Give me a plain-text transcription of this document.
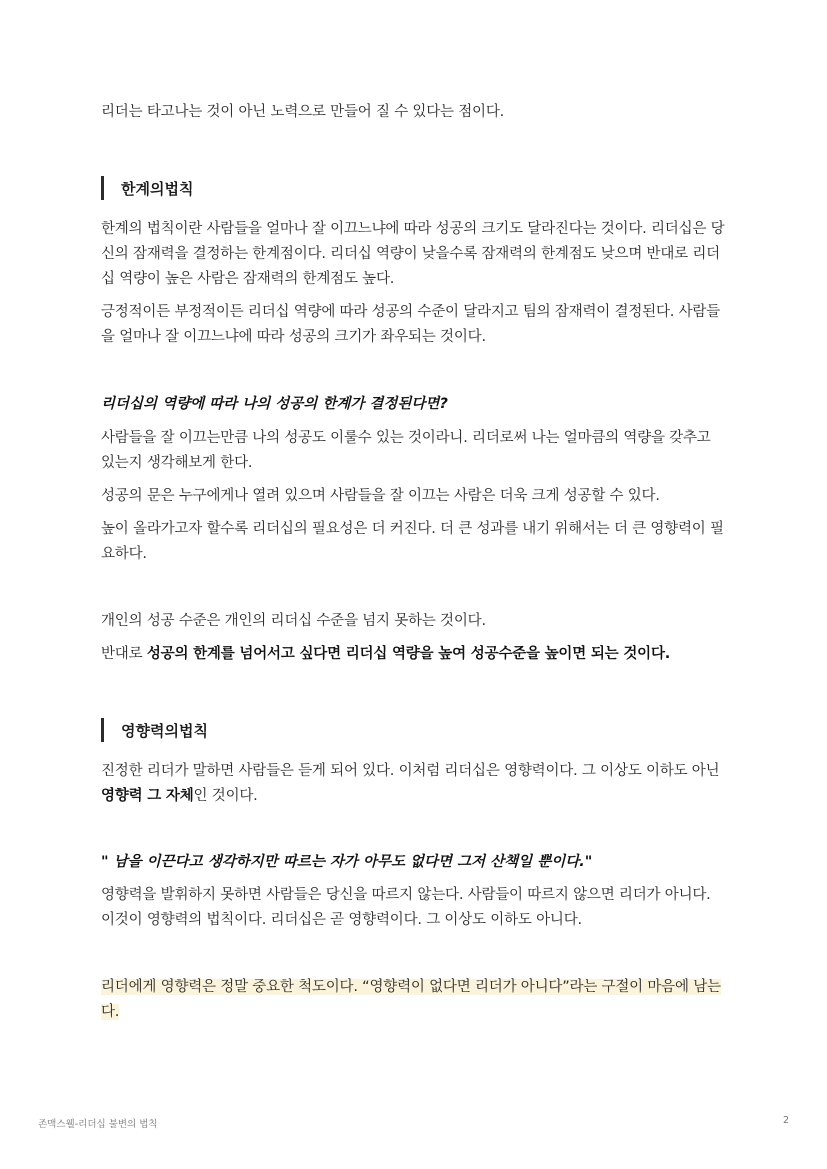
리더는 타고나는 것이 아닌 노력으로 만들어 질 수 있다는 점이다.

한계의법칙

한계의 법칙이란 사람들을 얼마나 잘 이끄느냐에 따라 성공의 크기도 달라진다는 것이다. 리더십은 당신의 잠재력을 결정하는 한계점이다. 리더십 역량이 낮을수록 잠재력의 한계점도 낮으며 반대로 리더십 역량이 높은 사람은 잠재력의 한계점도 높다.

긍정적이든 부정적이든 리더십 역량에 따라 성공의 수준이 달라지고 팀의 잠재력이 결정된다. 사람들을 얼마나 잘 이끄느냐에 따라 성공의 크기가 좌우되는 것이다.

리더십의 역량에 따라 나의 성공의 한계가 결정된다면?

사람들을 잘 이끄는만큼 나의 성공도 이룰수 있는 것이라니. 리더로써 나는 얼마큼의 역량을 갖추고 있는지 생각해보게 한다.

성공의 문은 누구에게나 열려 있으며 사람들을 잘 이끄는 사람은 더욱 크게 성공할 수 있다.

높이 올라가고자 할수록 리더십의 필요성은 더 커진다. 더 큰 성과를 내기 위해서는 더 큰 영향력이 필요하다.

개인의 성공 수준은 개인의 리더십 수준을 넘지 못하는 것이다.

반대로 성공의 한계를 넘어서고 싶다면 리더십 역량을 높여 성공수준을 높이면 되는 것이다.

영향력의법칙

진정한 리더가 말하면 사람들은 듣게 되어 있다. 이처럼 리더십은 영향력이다. 그 이상도 이하도 아닌 영향력 그 자체인 것이다.

" 남을 이끈다고 생각하지만 따르는 자가 아무도 없다면 그저 산책일 뿐이다."

영향력을 발휘하지 못하면 사람들은 당신을 따르지 않는다. 사람들이 따르지 않으면 리더가 아니다. 이것이 영향력의 법칙이다. 리더십은 곧 영향력이다. 그 이상도 이하도 아니다.

리더에게 영향력은 정말 중요한 척도이다. “영향력이 없다면 리더가 아니다”라는 구절이 마음에 남는다.

존맥스웰-리더십 불변의 법칙	2
